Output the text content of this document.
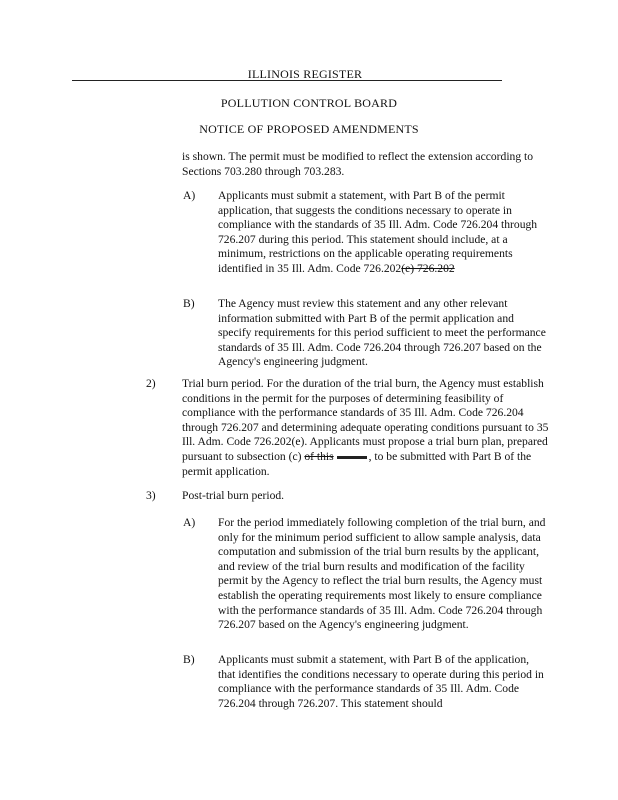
ILLINOIS REGISTER
POLLUTION CONTROL BOARD
NOTICE OF PROPOSED AMENDMENTS
is shown. The permit must be modified to reflect the extension according to Sections 703.280 through 703.283.
A) Applicants must submit a statement, with Part B of the permit application, that suggests the conditions necessary to operate in compliance with the standards of 35 Ill. Adm. Code 726.204 through 726.207 during this period. This statement should include, at a minimum, restrictions on the applicable operating requirements identified in 35 Ill. Adm. Code 726.202(e) 726.202
B) The Agency must review this statement and any other relevant information submitted with Part B of the permit application and specify requirements for this period sufficient to meet the performance standards of 35 Ill. Adm. Code 726.204 through 726.207 based on the Agency's engineering judgment.
2) Trial burn period. For the duration of the trial burn, the Agency must establish conditions in the permit for the purposes of determining feasibility of compliance with the performance standards of 35 Ill. Adm. Code 726.204 through 726.207 and determining adequate operating conditions pursuant to 35 Ill. Adm. Code 726.202(e). Applicants must propose a trial burn plan, prepared pursuant to subsection (c) of this	, to be submitted with Part B of the permit application.
3) Post-trial burn period.
A) For the period immediately following completion of the trial burn, and only for the minimum period sufficient to allow sample analysis, data computation and submission of the trial burn results by the applicant, and review of the trial burn results and modification of the facility permit by the Agency to reflect the trial burn results, the Agency must establish the operating requirements most likely to ensure compliance with the performance standards of 35 Ill. Adm. Code 726.204 through 726.207 based on the Agency's engineering judgment.
B) Applicants must submit a statement, with Part B of the application, that identifies the conditions necessary to operate during this period in compliance with the performance standards of 35 Ill. Adm. Code 726.204 through 726.207. This statement should
